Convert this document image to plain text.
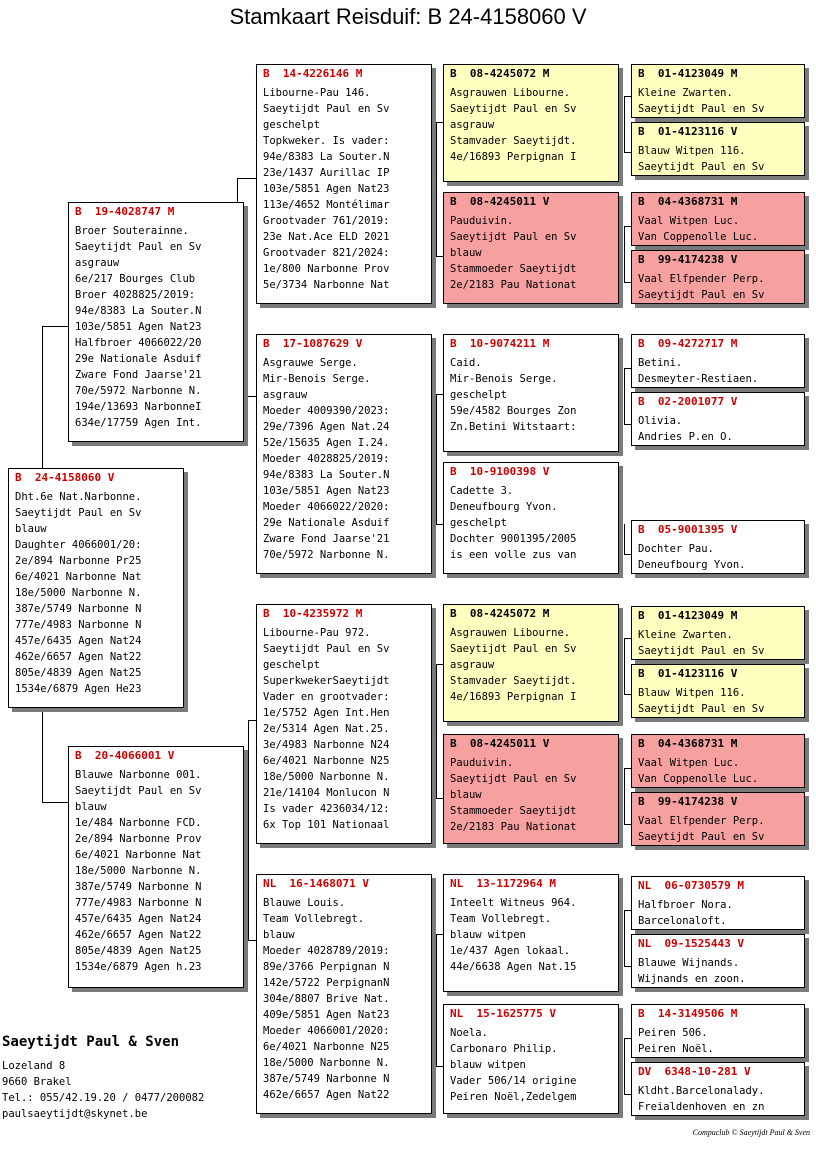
Stamkaart Reisduif: B 24-4158060 V
B  24-4158060 V
Dht.6e Nat.Narbonne.
Saeytijdt Paul en Sv
blauw
Daughter 4066001/20:
2e/894 Narbonne Pr25
6e/4021 Narbonne Nat
18e/5000 Narbonne N.
387e/5749 Narbonne N
777e/4983 Narbonne N
457e/6435 Agen Nat24
462e/6657 Agen Nat22
805e/4839 Agen Nat25
1534e/6879 Agen He23
B  19-4028747 M
Broer Souterainne.
Saeytijdt Paul en Sv
asgrauw
6e/217 Bourges Club
Broer 4028825/2019:
94e/8383 La Souter.N
103e/5851 Agen Nat23
Halfbroer 4066022/20
29e Nationale Asduif
Zware Fond Jaarse'21
70e/5972 Narbonne N.
194e/13693 NarbonneI
634e/17759 Agen Int.
B  20-4066001 V
Blauwe Narbonne 001.
Saeytijdt Paul en Sv
blauw
1e/484 Narbonne FCD.
2e/894 Narbonne Prov
6e/4021 Narbonne Nat
18e/5000 Narbonne N.
387e/5749 Narbonne N
777e/4983 Narbonne N
457e/6435 Agen Nat24
462e/6657 Agen Nat22
805e/4839 Agen Nat25
1534e/6879 Agen h.23
B  14-4226146 M
Libourne-Pau 146.
Saeytijdt Paul en Sv
geschelpt
Topkweker. Is vader:
94e/8383 La Souter.N
23e/1437 Aurillac IP
103e/5851 Agen Nat23
113e/4652 Montélimar
Grootvader 761/2019:
23e Nat.Ace ELD 2021
Grootvader 821/2024:
1e/800 Narbonne Prov
5e/3734 Narbonne Nat
B  17-1087629 V
Asgrauwe Serge.
Mir-Benois Serge.
asgrauw
Moeder 4009390/2023:
29e/7396 Agen Nat.24
52e/15635 Agen I.24.
Moeder 4028825/2019:
94e/8383 La Souter.N
103e/5851 Agen Nat23
Moeder 4066022/2020:
29e Nationale Asduif
Zware Fond Jaarse'21
70e/5972 Narbonne N.
B  10-4235972 M
Libourne-Pau 972.
Saeytijdt Paul en Sv
geschelpt
SuperkwekerSaeytijdt
Vader en grootvader:
1e/5752 Agen Int.Hen
2e/5314 Agen Nat.25.
3e/4983 Narbonne N24
6e/4021 Narbonne N25
18e/5000 Narbonne N.
21e/14104 Monlucon N
Is vader 4236034/12:
6x Top 101 Nationaal
NL  16-1468071 V
Blauwe Louis.
Team Vollebregt.
blauw
Moeder 4028789/2019:
89e/3766 Perpignan N
142e/5722 PerpignanN
304e/8807 Brive Nat.
409e/5851 Agen Nat23
Moeder 4066001/2020:
6e/4021 Narbonne N25
18e/5000 Narbonne N.
387e/5749 Narbonne N
462e/6657 Agen Nat22
B  08-4245072 M
Asgrauwen Libourne.
Saeytijdt Paul en Sv
asgrauw
Stamvader Saeytijdt.
4e/16893 Perpignan I
B  08-4245011 V
Pauduivin.
Saeytijdt Paul en Sv
blauw
Stammoeder Saeytijdt
2e/2183 Pau Nationat
B  10-9074211 M
Caid.
Mir-Benois Serge.
geschelpt
59e/4582 Bourges Zon
Zn.Betini Witstaart:
B  10-9100398 V
Cadette 3.
Deneufbourg Yvon.
geschelpt
Dochter 9001395/2005
is een volle zus van
B  08-4245072 M
Asgrauwen Libourne.
Saeytijdt Paul en Sv
asgrauw
Stamvader Saeytijdt.
4e/16893 Perpignan I
B  08-4245011 V
Pauduivin.
Saeytijdt Paul en Sv
blauw
Stammoeder Saeytijdt
2e/2183 Pau Nationat
NL  13-1172964 M
Inteelt Witneus 964.
Team Vollebregt.
blauw witpen
1e/437 Agen lokaal.
44e/6638 Agen Nat.15
NL  15-1625775 V
Noela.
Carbonaro Philip.
blauw witpen
Vader 506/14 origine
Peiren Noël,Zedelgem
B  01-4123049 M
Kleine Zwarten.
Saeytijdt Paul en Sv
B  01-4123116 V
Blauw Witpen 116.
Saeytijdt Paul en Sv
B  04-4368731 M
Vaal Witpen Luc.
Van Coppenolle Luc.
B  99-4174238 V
Vaal Elfpender Perp.
Saeytijdt Paul en Sv
B  09-4272717 M
Betini.
Desmeyter-Restiaen.
B  02-2001077 V
Olivia.
Andries P.en O.
B  05-9001395 V
Dochter Pau.
Deneufbourg Yvon.
B  01-4123049 M
Kleine Zwarten.
Saeytijdt Paul en Sv
B  01-4123116 V
Blauw Witpen 116.
Saeytijdt Paul en Sv
B  04-4368731 M
Vaal Witpen Luc.
Van Coppenolle Luc.
B  99-4174238 V
Vaal Elfpender Perp.
Saeytijdt Paul en Sv
NL  06-0730579 M
Halfbroer Nora.
Barcelonaloft.
NL  09-1525443 V
Blauwe Wijnands.
Wijnands en zoon.
B  14-3149506 M
Peiren 506.
Peiren Noël.
DV  6348-10-281 V
Kldht.Barcelonalady.
Freialdenhoven en zn
Saeytijdt Paul & Sven
Lozeland 8
9660 Brakel
Tel.: 055/42.19.20 / 0477/200082
paulsaeytijdt@skynet.be
Compuclub © Saeytijdt Paul & Sven
